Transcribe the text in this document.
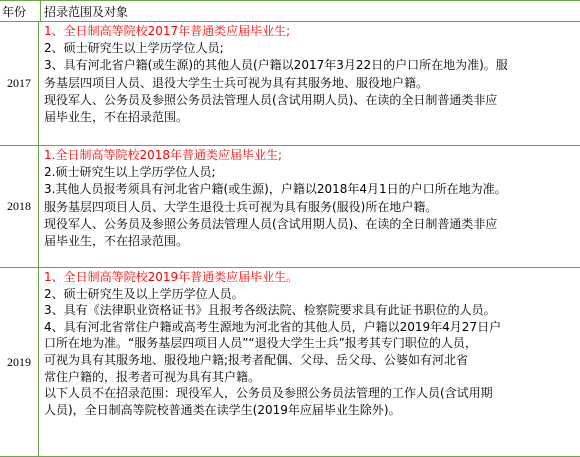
年份	招录范围及对象
2017
1、全日制高等院校2017年普通类应届毕业生;
2、硕士研究生以上学历学位人员;
3、具有河北省户籍(或生源)的其他人员(户籍以2017年3月22日的户口所在地为准)。服
务基层四项目人员、退役大学生士兵可视为具有其服务地、服役地户籍。
现役军人、公务员及参照公务员法管理人员(含试用期人员)、在读的全日制普通类非应
届毕业生，不在招录范围。
2018
1.全日制高等院校2018年普通类应届毕业生;
2.硕士研究生以上学历学位人员;
3.其他人员报考须具有河北省户籍(或生源)，户籍以2018年4月1日的户口所在地为准。
服务基层四项目人员、大学生退役士兵可视为具有服务(服役)所在地户籍。
现役军人、公务员及参照公务员法管理人员(含试用期人员)、在读的全日制普通类非应
届毕业生，不在招录范围。
2019
1、全日制高等院校2019年普通类应届毕业生。
2、硕士研究生及以上学历学位人员。
3、具有《法律职业资格证书》且报考各级法院、检察院要求具有此证书职位的人员。
4、具有河北省常住户籍或高考生源地为河北省的其他人员，户籍以2019年4月27日户
口所在地为准。“服务基层四项目人员”“退役大学生士兵”报考其专门职位的人员，
可视为具有其服务地、服役地户籍;报考者配偶、父母、岳父母、公婆如有河北省
常住户籍的，报考者可视为具有其户籍。
以下人员不在招录范围：现役军人，公务员及参照公务员法管理的工作人员(含试用期
人员)，全日制高等院校普通类在读学生(2019年应届毕业生除外)。
